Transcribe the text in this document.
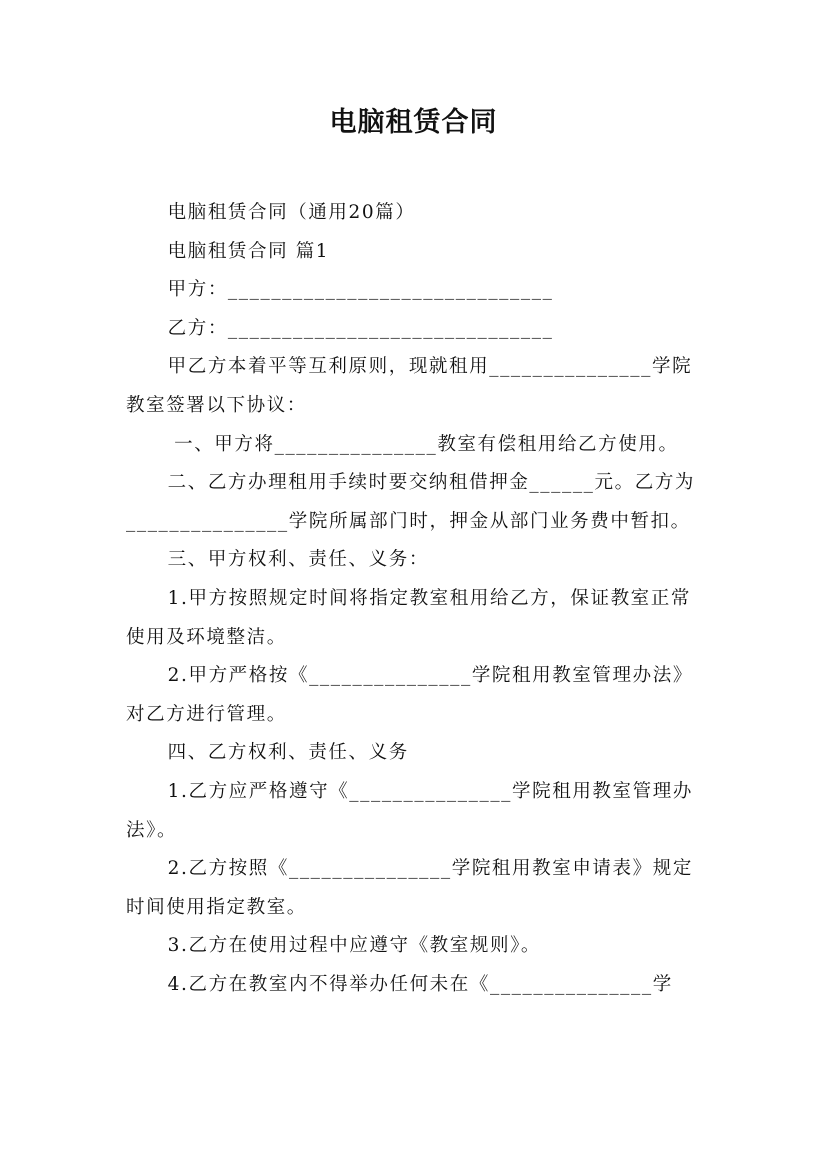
电脑租赁合同

电脑租赁合同（通用20篇）

电脑租赁合同 篇1

甲方：______________________________

乙方：______________________________

甲乙方本着平等互利原则，现就租用_______________学院教室签署以下协议：

一、甲方将_______________教室有偿租用给乙方使用。

二、乙方办理租用手续时要交纳租借押金______元。乙方为_______________学院所属部门时，押金从部门业务费中暂扣。

三、甲方权利、责任、义务：

1.甲方按照规定时间将指定教室租用给乙方，保证教室正常使用及环境整洁。

2.甲方严格按《_______________学院租用教室管理办法》对乙方进行管理。

四、乙方权利、责任、义务

1.乙方应严格遵守《_______________学院租用教室管理办法》。

2.乙方按照《_______________学院租用教室申请表》规定时间使用指定教室。

3.乙方在使用过程中应遵守《教室规则》。

4.乙方在教室内不得举办任何未在《_______________学
